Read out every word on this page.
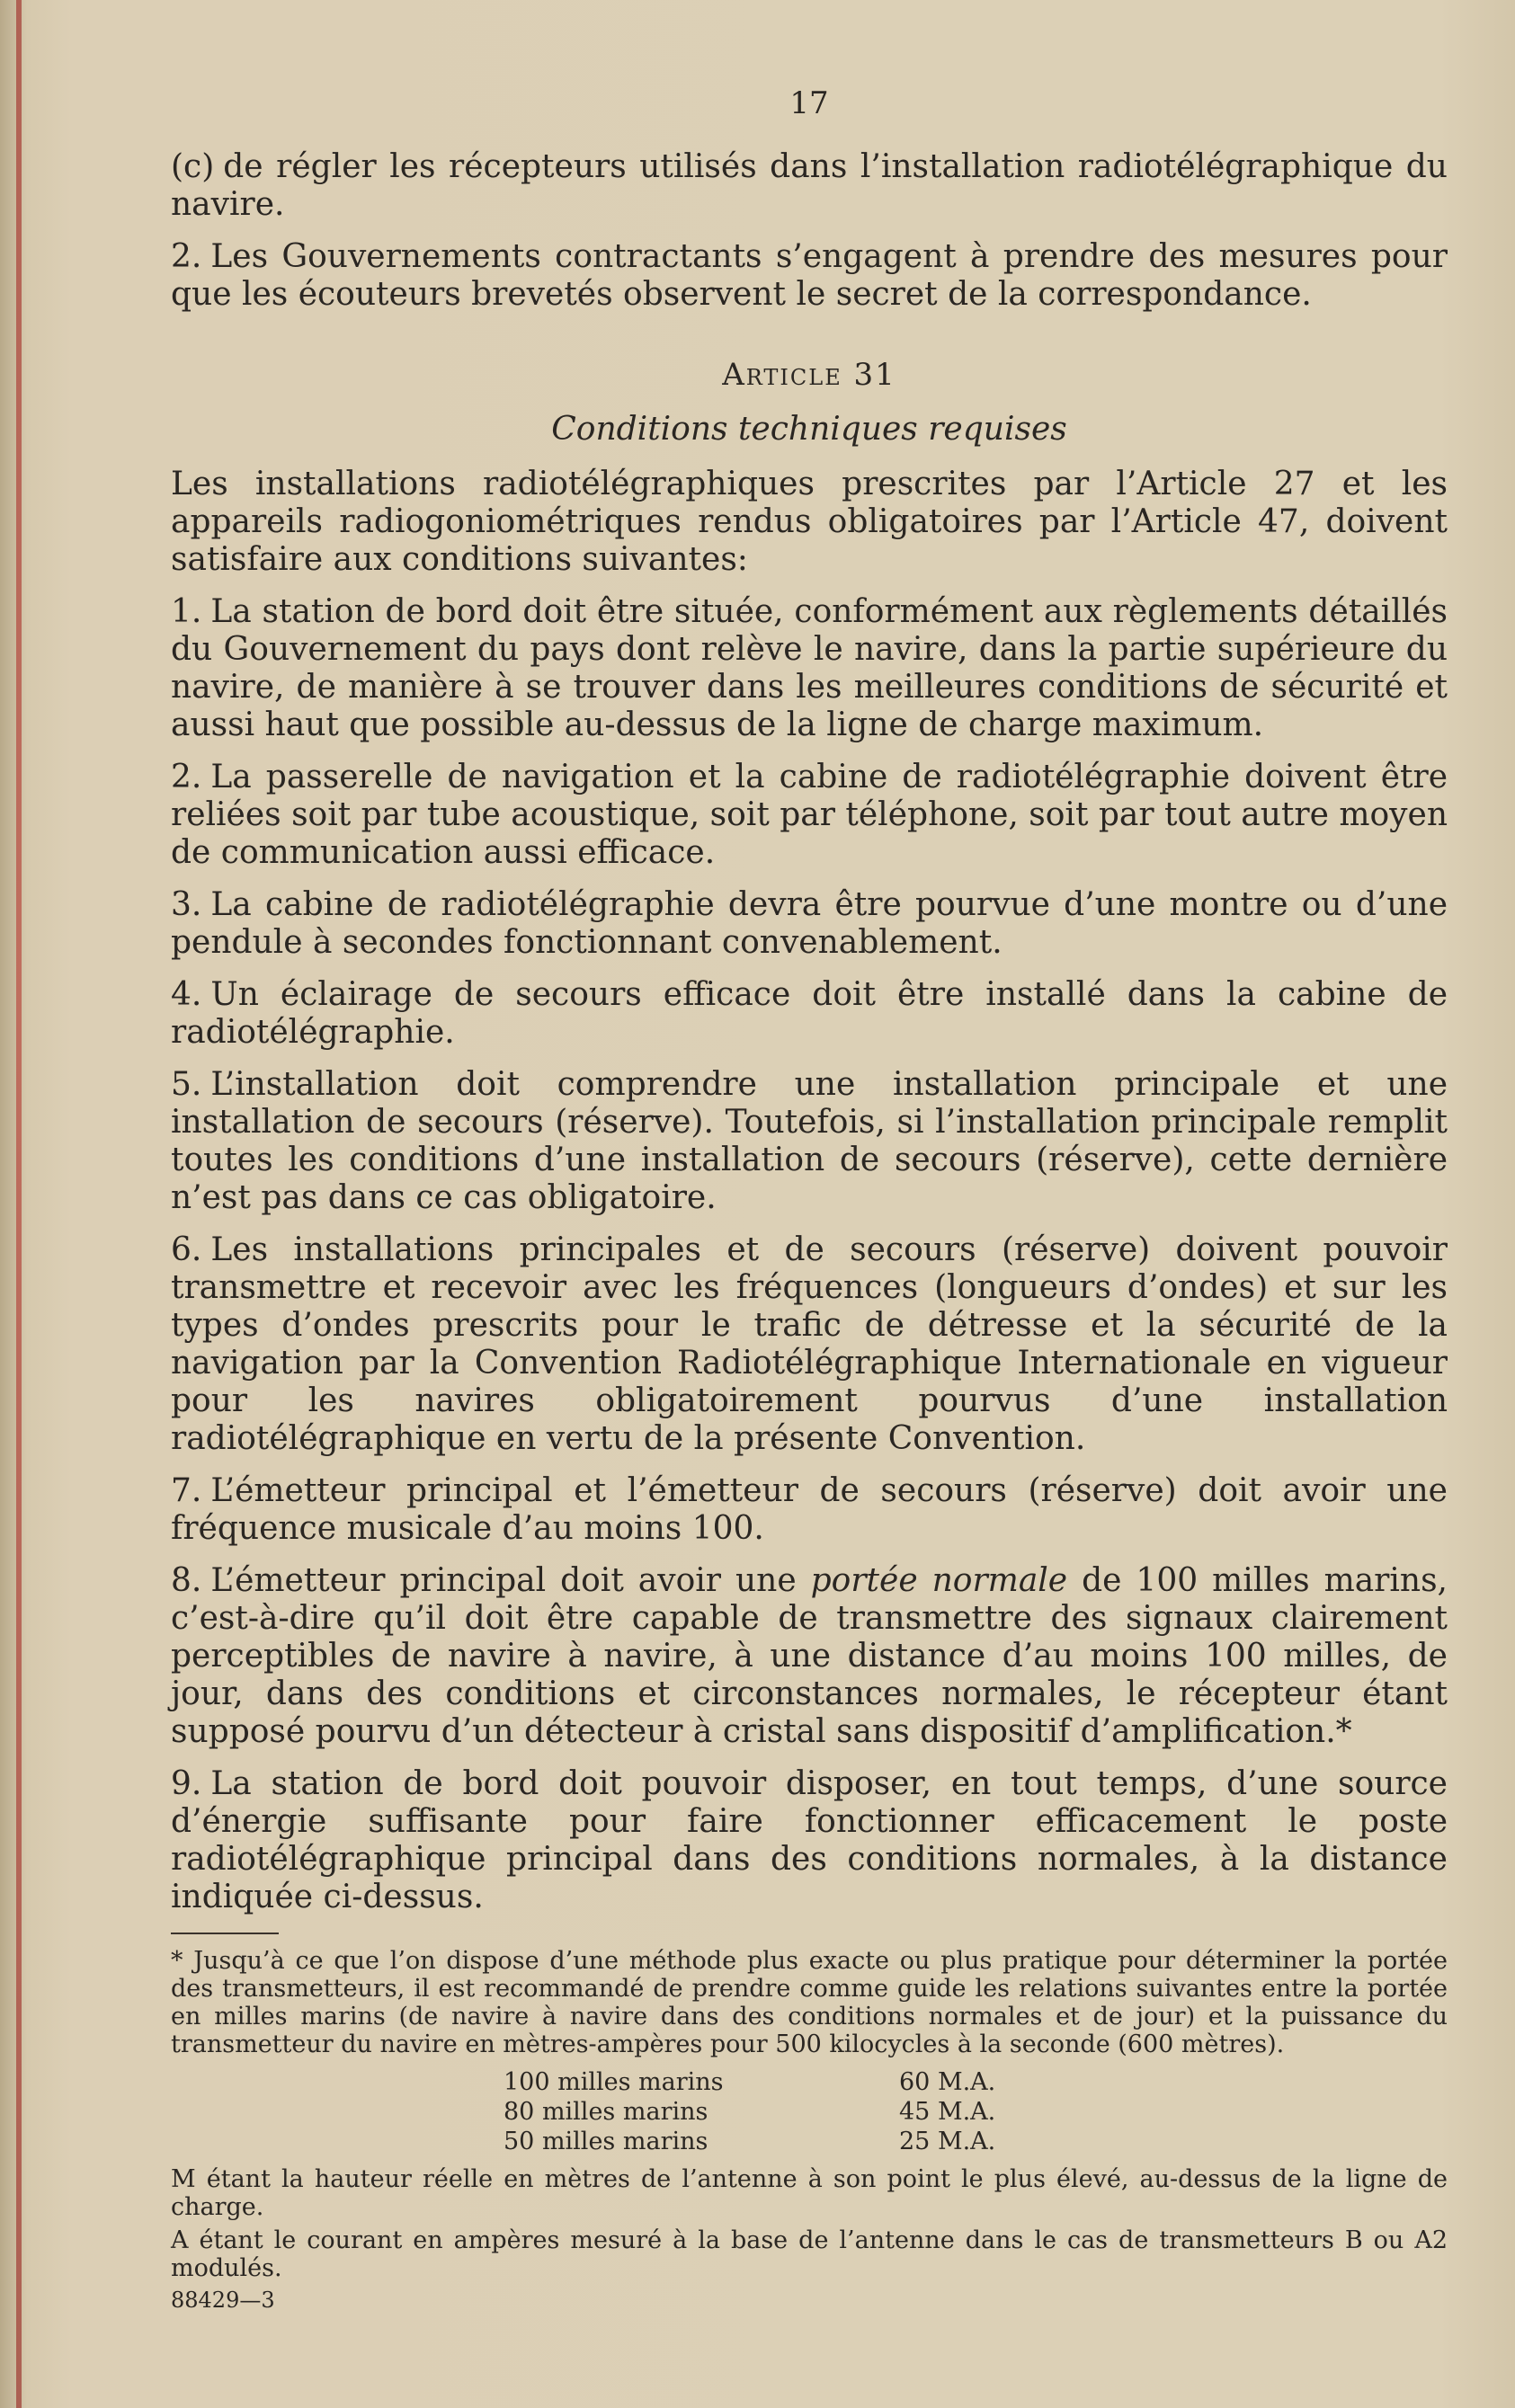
17

(c) de régler les récepteurs utilisés dans l’installation radiotélégraphique du navire.

2. Les Gouvernements contractants s’engagent à prendre des mesures pour que les écouteurs brevetés observent le secret de la correspondance.

Article 31
Conditions techniques requises

Les installations radiotélégraphiques prescrites par l’Article 27 et les appareils radiogoniométriques rendus obligatoires par l’Article 47, doivent satisfaire aux conditions suivantes:

1. La station de bord doit être située, conformément aux règlements détaillés du Gouvernement du pays dont relève le navire, dans la partie supérieure du navire, de manière à se trouver dans les meilleures conditions de sécurité et aussi haut que possible au-dessus de la ligne de charge maximum.

2. La passerelle de navigation et la cabine de radiotélégraphie doivent être reliées soit par tube acoustique, soit par téléphone, soit par tout autre moyen de communication aussi efficace.

3. La cabine de radiotélégraphie devra être pourvue d’une montre ou d’une pendule à secondes fonctionnant convenablement.

4. Un éclairage de secours efficace doit être installé dans la cabine de radiotélégraphie.

5. L’installation doit comprendre une installation principale et une installation de secours (réserve). Toutefois, si l’installation principale remplit toutes les conditions d’une installation de secours (réserve), cette dernière n’est pas dans ce cas obligatoire.

6. Les installations principales et de secours (réserve) doivent pouvoir transmettre et recevoir avec les fréquences (longueurs d’ondes) et sur les types d’ondes prescrits pour le trafic de détresse et la sécurité de la navigation par la Convention Radiotélégraphique Internationale en vigueur pour les navires obligatoirement pourvus d’une installation radiotélégraphique en vertu de la présente Convention.

7. L’émetteur principal et l’émetteur de secours (réserve) doit avoir une fréquence musicale d’au moins 100.

8. L’émetteur principal doit avoir une portée normale de 100 milles marins, c’est-à-dire qu’il doit être capable de transmettre des signaux clairement perceptibles de navire à navire, à une distance d’au moins 100 milles, de jour, dans des conditions et circonstances normales, le récepteur étant supposé pourvu d’un détecteur à cristal sans dispositif d’amplification.*

9. La station de bord doit pouvoir disposer, en tout temps, d’une source d’énergie suffisante pour faire fonctionner efficacement le poste radiotélégraphique principal dans des conditions normales, à la distance indiquée ci-dessus.

* Jusqu’à ce que l’on dispose d’une méthode plus exacte ou plus pratique pour déterminer la portée des transmetteurs, il est recommandé de prendre comme guide les relations suivantes entre la portée en milles marins (de navire à navire dans des conditions normales et de jour) et la puissance du transmetteur du navire en mètres-ampères pour 500 kilocycles à la seconde (600 mètres).

100 milles marins	60 M.A.
80 milles marins	45 M.A.
50 milles marins	25 M.A.

M étant la hauteur réelle en mètres de l’antenne à son point le plus élevé, au-dessus de la ligne de charge.

A étant le courant en ampères mesuré à la base de l’antenne dans le cas de transmetteurs B ou A2 modulés.

88429—3
